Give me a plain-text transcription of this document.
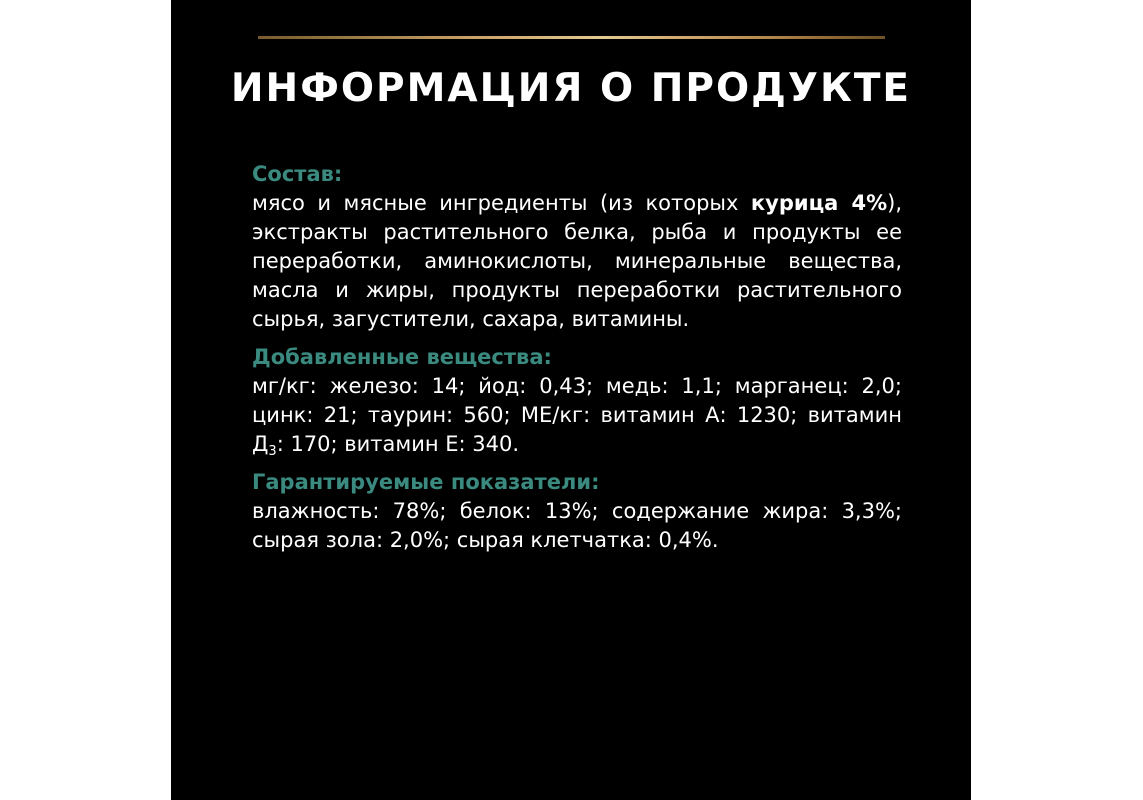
ИНФОРМАЦИЯ О ПРОДУКТЕ
Состав:
мясо и мясные ингредиенты (из которых курица 4%), экстракты растительного белка, рыба и продукты ее переработки, аминокислоты, минеральные вещества, масла и жиры, продукты переработки растительного сырья, загустители, сахара, витамины.
Добавленные вещества:
мг/кг: железо: 14; йод: 0,43; медь: 1,1; марганец: 2,0; цинк: 21; таурин: 560; МЕ/кг: витамин А: 1230; витамин $Д_3$: 170; витамин Е: 340.
Гарантируемые показатели:
влажность: 78%; белок: 13%; содержание жира: 3,3%; сырая зола: 2,0%; сырая клетчатка: 0,4%.
